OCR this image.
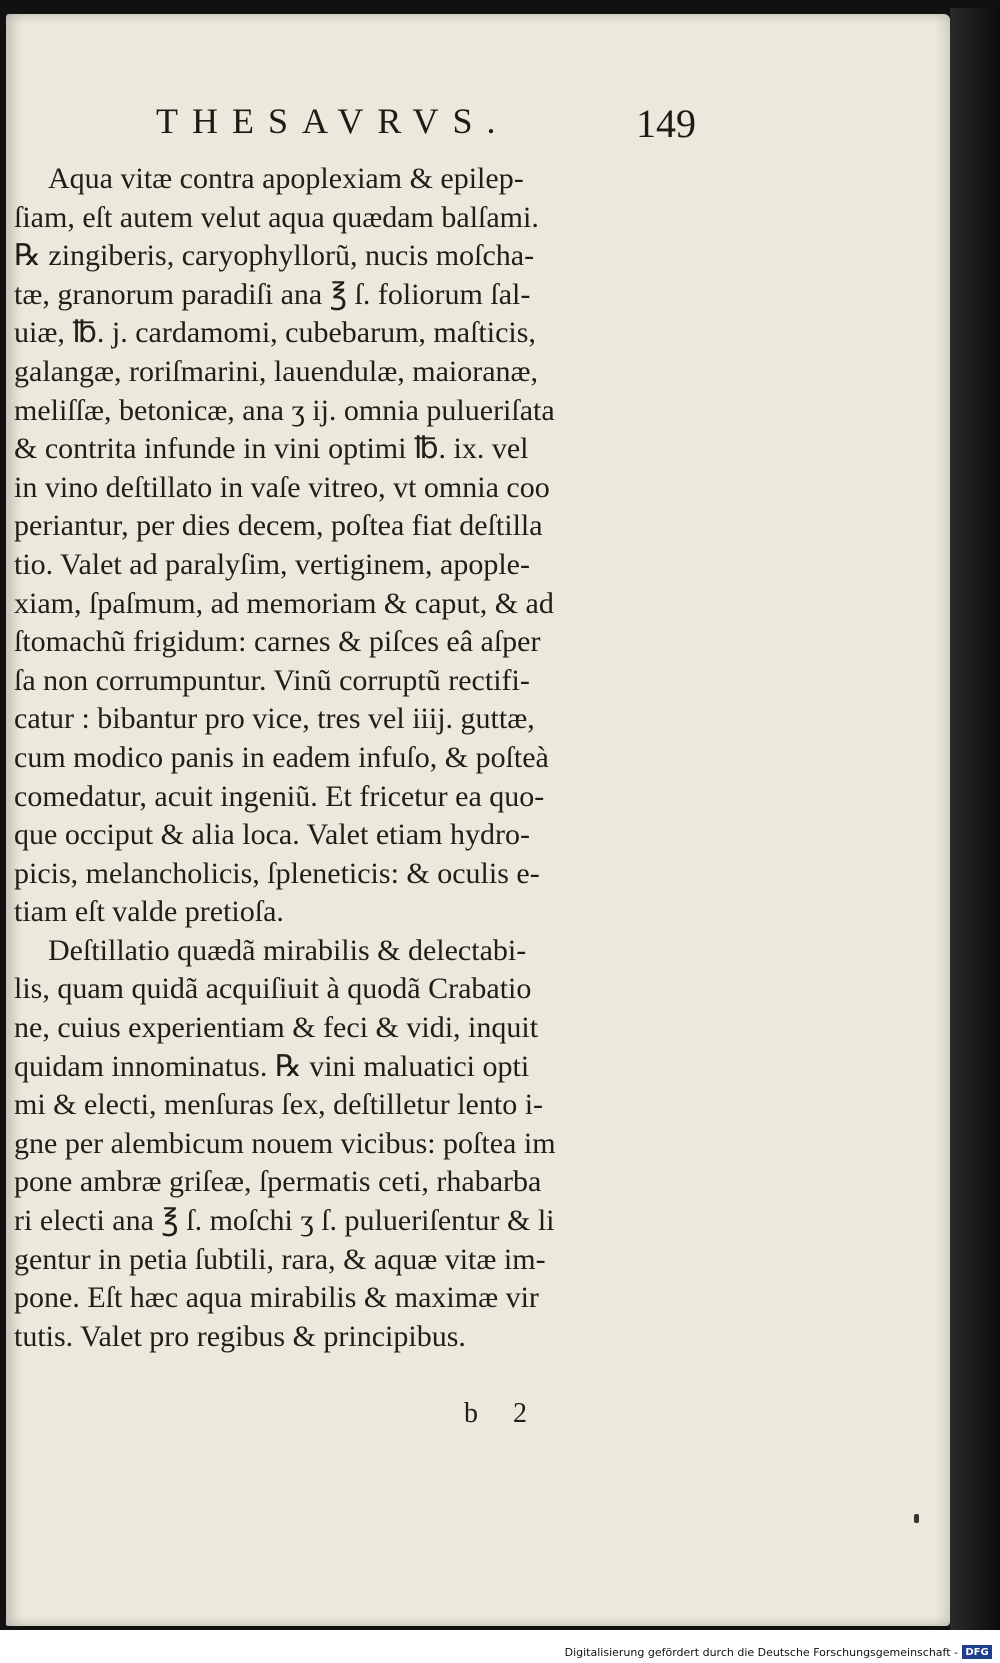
THESAVRVS.	149
Aqua vitæ contra apoplexiam & epilep-
ſiam, eſt autem velut aqua quædam balſami.
℞ zingiberis, caryophyllorũ, nucis moſcha-
tæ, granorum paradiſi ana ℥ ſ. foliorum ſal-
uiæ, ℔. j. cardamomi, cubebarum, maſticis,
galangæ, roriſmarini, lauendulæ, maioranæ,
meliſſæ, betonicæ, ana ʒ ij. omnia pulueriſata
& contrita infunde in vini optimi ℔. ix. vel
in vino deſtillato in vaſe vitreo, vt omnia coo
periantur, per dies decem, poſtea fiat deſtilla
tio. Valet ad paralyſim, vertiginem, apople-
xiam, ſpaſmum, ad memoriam & caput, & ad
ſtomachũ frigidum: carnes & piſces eâ aſper
ſa non corrumpuntur. Vinũ corruptũ rectifi-
catur : bibantur pro vice, tres vel iiij. guttæ,
cum modico panis in eadem infuſo, & poſteà
comedatur, acuit ingeniũ. Et fricetur ea quo-
que occiput & alia loca. Valet etiam hydro-
picis, melancholicis, ſpleneticis: & oculis e-
tiam eſt valde pretioſa.
Deſtillatio quædã mirabilis & delectabi-
lis, quam quidã acquiſiuit à quodã Crabatio
ne, cuius experientiam & feci & vidi, inquit
quidam innominatus. ℞ vini maluatici opti
mi & electi, menſuras ſex, deſtilletur lento i-
gne per alembicum nouem vicibus: poſtea im
pone ambræ griſeæ, ſpermatis ceti, rhabarba
ri electi ana ℥ ſ. moſchi ʒ ſ. pulueriſentur & li
gentur in petia ſubtili, rara, & aquæ vitæ im-
pone. Eſt hæc aqua mirabilis & maximæ vir
tutis. Valet pro regibus & principibus.
b 2
Digitalisierung gefördert durch die Deutsche Forschungsgemeinschaft - DFG
